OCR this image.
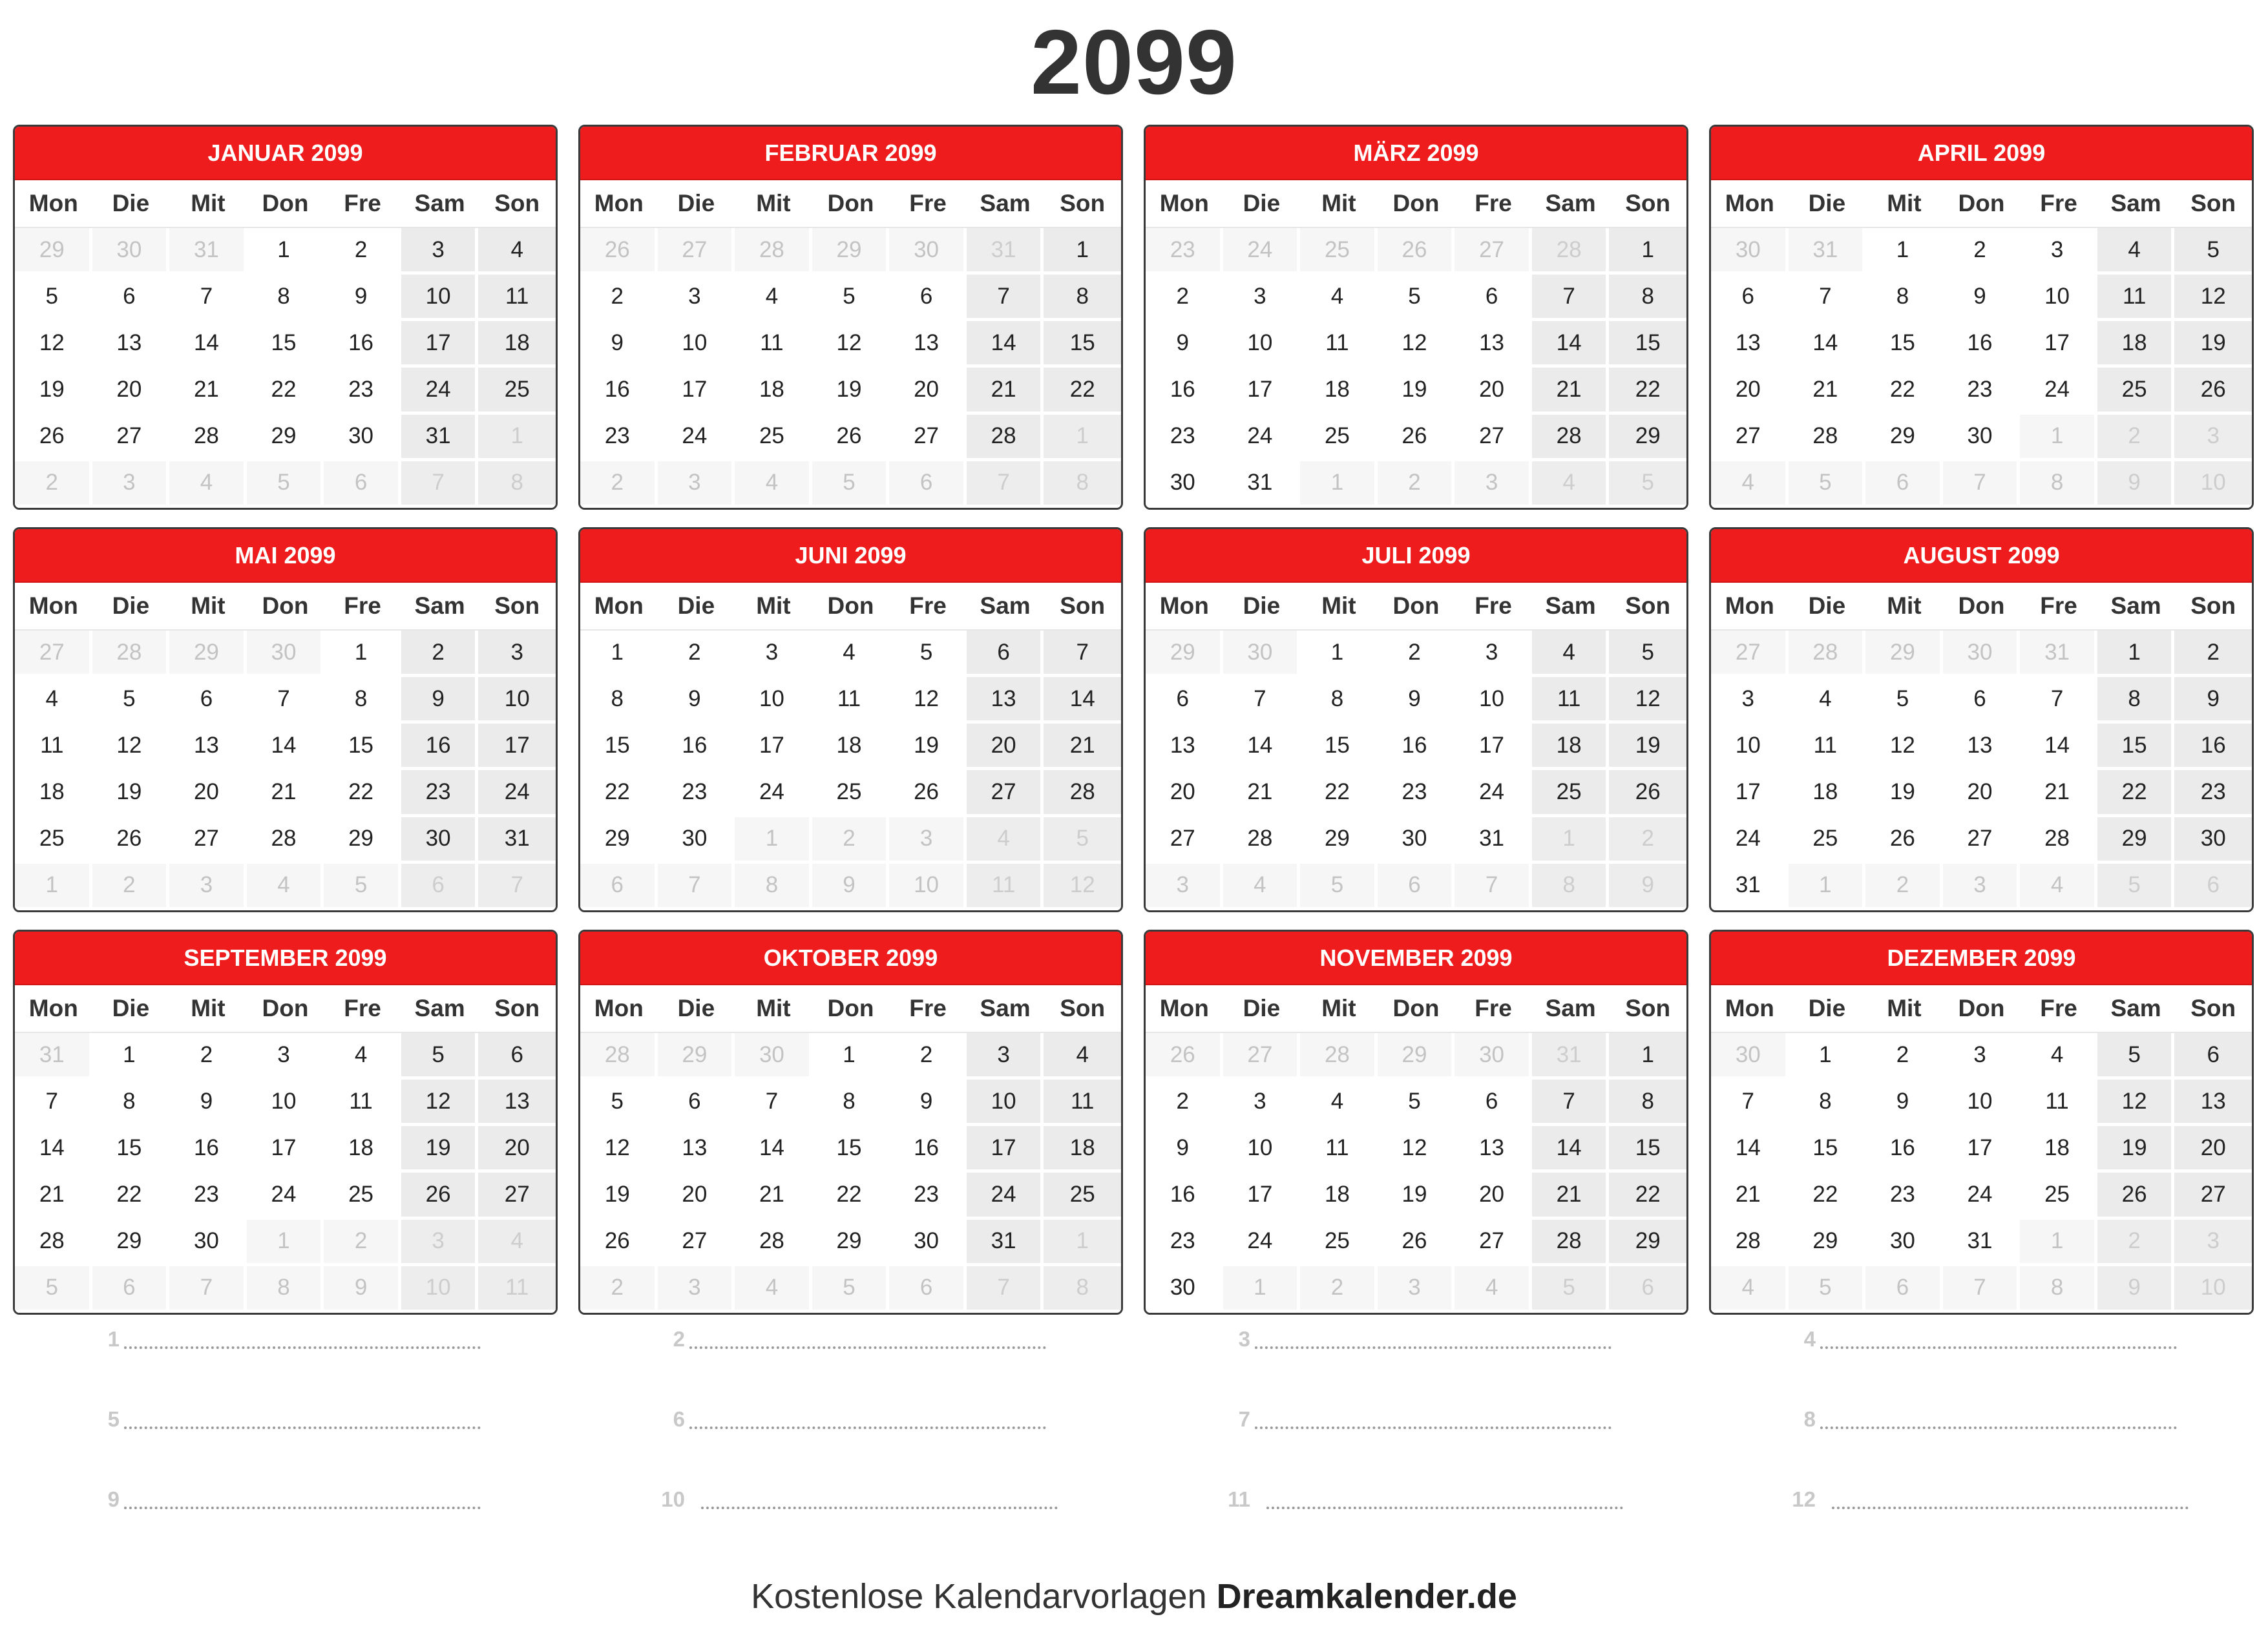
2099
JANUAR 2099
Mon	Die	Mit	Don	Fre	Sam	Son
29	30	31	1	2	3	4
5	6	7	8	9	10	11
12	13	14	15	16	17	18
19	20	21	22	23	24	25
26	27	28	29	30	31	1
2	3	4	5	6	7	8
FEBRUAR 2099
Mon	Die	Mit	Don	Fre	Sam	Son
26	27	28	29	30	31	1
2	3	4	5	6	7	8
9	10	11	12	13	14	15
16	17	18	19	20	21	22
23	24	25	26	27	28	1
2	3	4	5	6	7	8
MÄRZ 2099
Mon	Die	Mit	Don	Fre	Sam	Son
23	24	25	26	27	28	1
2	3	4	5	6	7	8
9	10	11	12	13	14	15
16	17	18	19	20	21	22
23	24	25	26	27	28	29
30	31	1	2	3	4	5
APRIL 2099
Mon	Die	Mit	Don	Fre	Sam	Son
30	31	1	2	3	4	5
6	7	8	9	10	11	12
13	14	15	16	17	18	19
20	21	22	23	24	25	26
27	28	29	30	1	2	3
4	5	6	7	8	9	10
MAI 2099
Mon	Die	Mit	Don	Fre	Sam	Son
27	28	29	30	1	2	3
4	5	6	7	8	9	10
11	12	13	14	15	16	17
18	19	20	21	22	23	24
25	26	27	28	29	30	31
1	2	3	4	5	6	7
JUNI 2099
Mon	Die	Mit	Don	Fre	Sam	Son
1	2	3	4	5	6	7
8	9	10	11	12	13	14
15	16	17	18	19	20	21
22	23	24	25	26	27	28
29	30	1	2	3	4	5
6	7	8	9	10	11	12
JULI 2099
Mon	Die	Mit	Don	Fre	Sam	Son
29	30	1	2	3	4	5
6	7	8	9	10	11	12
13	14	15	16	17	18	19
20	21	22	23	24	25	26
27	28	29	30	31	1	2
3	4	5	6	7	8	9
AUGUST 2099
Mon	Die	Mit	Don	Fre	Sam	Son
27	28	29	30	31	1	2
3	4	5	6	7	8	9
10	11	12	13	14	15	16
17	18	19	20	21	22	23
24	25	26	27	28	29	30
31	1	2	3	4	5	6
SEPTEMBER 2099
Mon	Die	Mit	Don	Fre	Sam	Son
31	1	2	3	4	5	6
7	8	9	10	11	12	13
14	15	16	17	18	19	20
21	22	23	24	25	26	27
28	29	30	1	2	3	4
5	6	7	8	9	10	11
OKTOBER 2099
Mon	Die	Mit	Don	Fre	Sam	Son
28	29	30	1	2	3	4
5	6	7	8	9	10	11
12	13	14	15	16	17	18
19	20	21	22	23	24	25
26	27	28	29	30	31	1
2	3	4	5	6	7	8
NOVEMBER 2099
Mon	Die	Mit	Don	Fre	Sam	Son
26	27	28	29	30	31	1
2	3	4	5	6	7	8
9	10	11	12	13	14	15
16	17	18	19	20	21	22
23	24	25	26	27	28	29
30	1	2	3	4	5	6
DEZEMBER 2099
Mon	Die	Mit	Don	Fre	Sam	Son
30	1	2	3	4	5	6
7	8	9	10	11	12	13
14	15	16	17	18	19	20
21	22	23	24	25	26	27
28	29	30	31	1	2	3
4	5	6	7	8	9	10
1	2	3	4
5	6	7	8
9	10	11	12
Kostenlose Kalendarvorlagen Dreamkalender.de
